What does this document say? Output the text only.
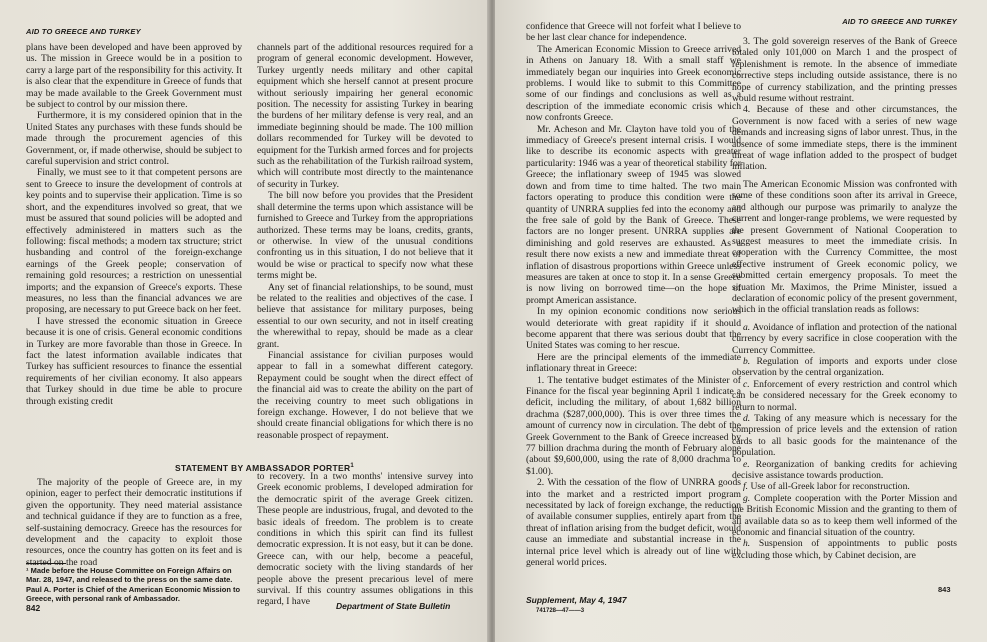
AID TO GREECE AND TURKEY

plans have been developed and have been approved by us. The mission in Greece would be in a position to carry a large part of the responsibility for this activity. It is also clear that the expenditure in Greece of funds that may be made available to the Greek Government must be subject to control by our mission there.

Furthermore, it is my considered opinion that in the United States any purchases with these funds should be made through the procurement agencies of this Government, or, if made otherwise, should be subject to careful supervision and strict control.

Finally, we must see to it that competent persons are sent to Greece to insure the development of controls at key points and to supervise their application. Time is so short, and the expenditures involved so great, that we must be assured that sound policies will be adopted and effectively administered in matters such as the following: fiscal methods; a modern tax structure; strict husbanding and control of the foreign-exchange earnings of the Greek people; conservation of remaining gold resources; a restriction on unessential imports; and the expansion of Greece's exports. These measures, no less than the financial advances we are proposing, are necessary to put Greece back on her feet.

I have stressed the economic situation in Greece because it is one of crisis. General economic conditions in Turkey are more favorable than those in Greece. In fact the latest information available indicates that Turkey has sufficient resources to finance the essential requirements of her civilian economy. It also appears that Turkey should in due time be able to procure through existing credit

channels part of the additional resources required for a program of general economic development. However, Turkey urgently needs military and other capital equipment which she herself cannot at present procure without seriously impairing her general economic position. The necessity for assisting Turkey in bearing the burdens of her military defense is very real, and an immediate beginning should be made. The 100 million dollars recommended for Turkey will be devoted to equipment for the Turkish armed forces and for projects such as the rehabilitation of the Turkish railroad system, which will contribute most directly to the maintenance of security in Turkey.

The bill now before you provides that the President shall determine the terms upon which assistance will be furnished to Greece and Turkey from the appropriations authorized. These terms may be loans, credits, grants, or otherwise. In view of the unusual conditions confronting us in this situation, I do not believe that it would be wise or practical to specify now what these terms might be.

Any set of financial relationships, to be sound, must be related to the realities and objectives of the case. I believe that assistance for military purposes, being essential to our own security, and not in itself creating the wherewithal to repay, should be made as a clear grant.

Financial assistance for civilian purposes would appear to fall in a somewhat different category. Repayment could be sought when the direct effect of the financial aid was to create the ability on the part of the receiving country to meet such obligations in foreign exchange. However, I do not believe that we should create financial obligations for which there is no reasonable prospect of repayment.

STATEMENT BY AMBASSADOR PORTER$^1$

The majority of the people of Greece are, in my opinion, eager to perfect their democratic institutions if given the opportunity. They need material assistance and technical guidance if they are to function as a free, self-sustaining democracy. Greece has the resources for development and the capacity to exploit those resources, once the country has gotten on its feet and is started on the road

to recovery. In a two months' intensive survey into Greek economic problems, I developed admiration for the democratic spirit of the average Greek citizen. These people are industrious, frugal, and devoted to the basic ideals of freedom. The problem is to create conditions in which this spirit can find its fullest democratic expression. It is not easy, but it can be done. Greece can, with our help, become a peaceful, democratic society with the living standards of her people above the present precarious level of mere survival. If this country assumes obligations in this regard, I have

¹ Made before the House Committee on Foreign Affairs on Mar. 28, 1947, and released to the press on the same date. Paul A. Porter is Chief of the American Economic Mission to Greece, with personal rank of Ambassador.
842	Department of State Bulletin
AID TO GREECE AND TURKEY

confidence that Greece will not forfeit what I believe to be her last clear chance for independence.

The American Economic Mission to Greece arrived in Athens on January 18. With a small staff we immediately began our inquiries into Greek economic problems. I would like to submit to this Committee some of our findings and conclusions as well as a description of the immediate economic crisis which now confronts Greece.

Mr. Acheson and Mr. Clayton have told you of the immediacy of Greece's present internal crisis. I would like to describe its economic aspects with greater particularity: 1946 was a year of theoretical stability for Greece; the inflationary sweep of 1945 was slowed down and from time to time halted. The two main factors operating to produce this condition were the quantity of UNRRA supplies fed into the economy and the free sale of gold by the Bank of Greece. These factors are no longer present. UNRRA supplies are diminishing and gold reserves are exhausted. As a result there now exists a new and immediate threat of inflation of disastrous proportions within Greece unless measures are taken at once to stop it. In a sense Greece is now living on borrowed time—on the hope of prompt American assistance.

In my opinion economic conditions now serious would deteriorate with great rapidity if it should become apparent that there was serious doubt that the United States was coming to her rescue.

Here are the principal elements of the immediate inflationary threat in Greece:

1. The tentative budget estimates of the Minister of Finance for the fiscal year beginning April 1 indicate a deficit, including the military, of about 1,682 billion drachma ($287,000,000). This is over three times the amount of currency now in circulation. The debt of the Greek Government to the Bank of Greece increased by 77 billion drachma during the month of February alone (about $9,600,000, using the rate of 8,000 drachma to $1.00).

2. With the cessation of the flow of UNRRA goods into the market and a restricted import program necessitated by lack of foreign exchange, the reduction of available consumer supplies, entirely apart from the threat of inflation arising from the budget deficit, would cause an immediate and substantial increase in the internal price level which is already out of line with general world prices.

3. The gold sovereign reserves of the Bank of Greece totaled only 101,000 on March 1 and the prospect of replenishment is remote. In the absence of immediate corrective steps including outside assistance, there is no hope of currency stabilization, and the printing presses would resume without restraint.

4. Because of these and other circumstances, the Government is now faced with a series of new wage demands and increasing signs of labor unrest. Thus, in the absence of some immediate steps, there is the imminent threat of wage inflation added to the prospect of budget inflation.

The American Economic Mission was confronted with some of these conditions soon after its arrival in Greece, and although our purpose was primarily to analyze the current and longer-range problems, we were requested by the present Government of National Cooperation to suggest measures to meet the immediate crisis. In cooperation with the Currency Committee, the most effective instrument of Greek economic policy, we submitted certain emergency proposals. To meet the situation Mr. Maximos, the Prime Minister, issued a declaration of economic policy of the present government, which in the official translation reads as follows:

a. Avoidance of inflation and protection of the national currency by every sacrifice in close cooperation with the Currency Committee.

b. Regulation of imports and exports under close observation by the central organization.

c. Enforcement of every restriction and control which can be considered necessary for the Greek economy to return to normal.

d. Taking of any measure which is necessary for the compression of price levels and the extension of ration cards to all basic goods for the maintenance of the population.

e. Reorganization of banking credits for achieving decisive assistance towards production.

f. Use of all-Greek labor for reconstruction.

g. Complete cooperation with the Porter Mission and the British Economic Mission and the granting to them of all available data so as to keep them well informed of the economic and financial situation of the country.

h. Suspension of appointments to public posts excluding those which, by Cabinet decision, are

Supplement, May 4, 1947
741728—47——3
843
